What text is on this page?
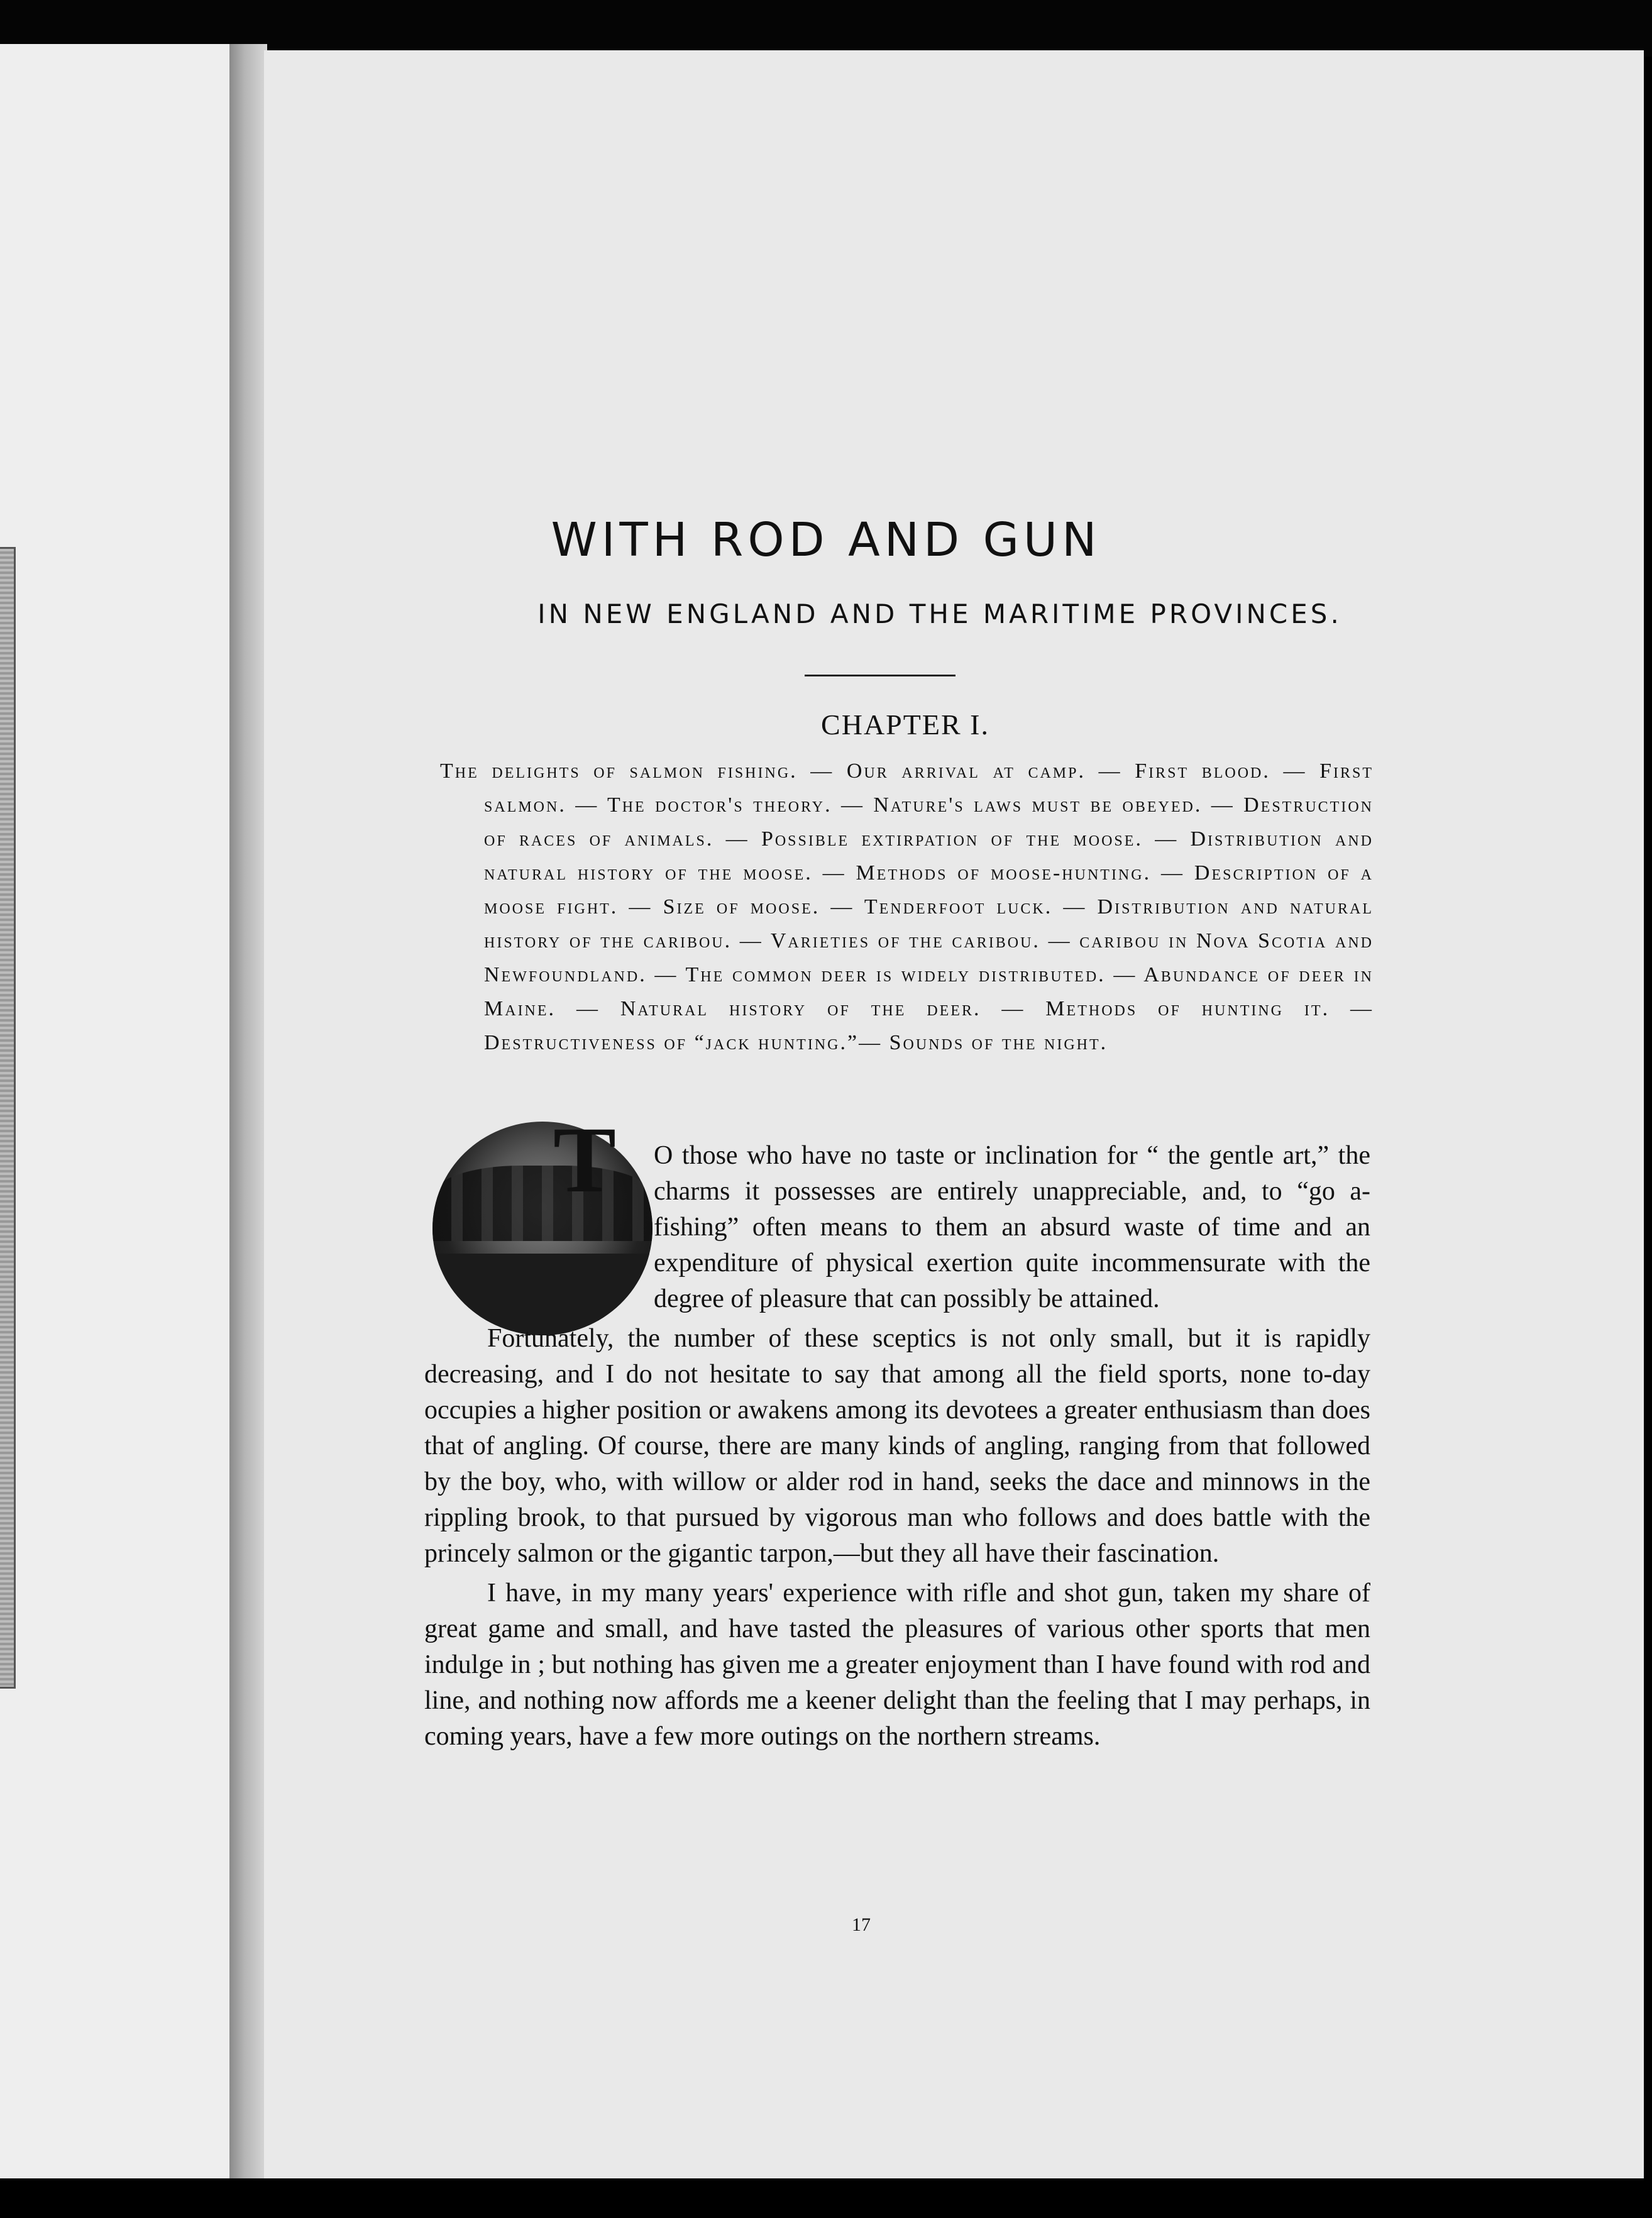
WITH ROD AND GUN
IN NEW ENGLAND AND THE MARITIME PROVINCES.
CHAPTER I.

The delights of salmon fishing. — Our arrival at camp. — First blood. — First salmon. — The doctor's theory. — Nature's laws must be obeyed. — Destruction of races of animals. — Possible extirpation of the moose. — Distribution and natural history of the moose. — Methods of moose-hunting. — Description of a moose fight. — Size of moose. — Tenderfoot luck. — Distribution and natural history of the caribou. — Varieties of the caribou. — caribou in Nova Scotia and Newfoundland. — The common deer is widely distributed. — Abundance of deer in Maine. — Natural history of the deer. — Methods of hunting it. — Destructiveness of “jack hunting.”— Sounds of the night.

T O those who have no taste or inclination for “ the gentle art,” the charms it possesses are entirely unappreciable, and, to “go a-fishing” often means to them an absurd waste of time and an expenditure of physical exertion quite incommensurate with the degree of pleasure that can possibly be attained.

Fortunately, the number of these sceptics is not only small, but it is rapidly decreasing, and I do not hesitate to say that among all the field sports, none to-day occupies a higher position or awakens among its devotees a greater enthusiasm than does that of angling. Of course, there are many kinds of angling, ranging from that followed by the boy, who, with willow or alder rod in hand, seeks the dace and minnows in the rippling brook, to that pursued by vigorous man who follows and does battle with the princely salmon or the gigantic tarpon,—but they all have their fascination.

I have, in my many years' experience with rifle and shot gun, taken my share of great game and small, and have tasted the pleasures of various other sports that men indulge in ; but nothing has given me a greater enjoyment than I have found with rod and line, and nothing now affords me a keener delight than the feeling that I may perhaps, in coming years, have a few more outings on the northern streams.

17
